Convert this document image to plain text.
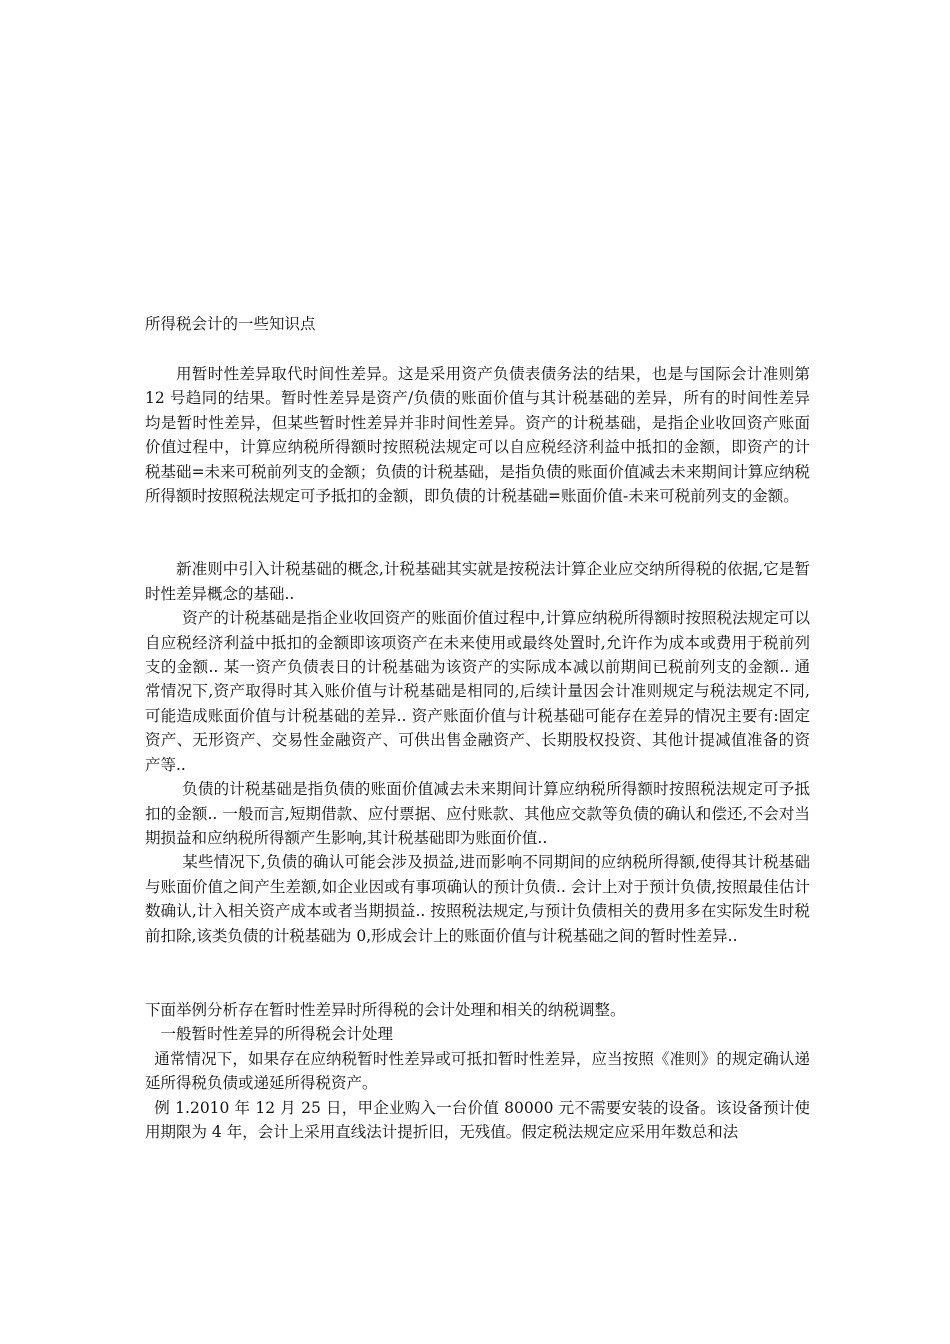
所得税会计的一些知识点

用暂时性差异取代时间性差异。这是采用资产负债表债务法的结果，也是与国际会计准则第 12 号趋同的结果。暂时性差异是资产/负债的账面价值与其计税基础的差异，所有的时间性差异均是暂时性差异，但某些暂时性差异并非时间性差异。资产的计税基础，是指企业收回资产账面价值过程中，计算应纳税所得额时按照税法规定可以自应税经济利益中抵扣的金额，即资产的计税基础=未来可税前列支的金额；负债的计税基础，是指负债的账面价值减去未来期间计算应纳税所得额时按照税法规定可予抵扣的金额，即负债的计税基础=账面价值-未来可税前列支的金额。

新准则中引入计税基础的概念,计税基础其实就是按税法计算企业应交纳所得税的依据,它是暂时性差异概念的基础..

资产的计税基础是指企业收回资产的账面价值过程中,计算应纳税所得额时按照税法规定可以自应税经济利益中抵扣的金额即该项资产在未来使用或最终处置时,允许作为成本或费用于税前列支的金额.. 某一资产负债表日的计税基础为该资产的实际成本减以前期间已税前列支的金额.. 通常情况下,资产取得时其入账价值与计税基础是相同的,后续计量因会计准则规定与税法规定不同,可能造成账面价值与计税基础的差异.. 资产账面价值与计税基础可能存在差异的情况主要有:固定资产、无形资产、交易性金融资产、可供出售金融资产、长期股权投资、其他计提减值准备的资产等..

负债的计税基础是指负债的账面价值减去未来期间计算应纳税所得额时按照税法规定可予抵扣的金额.. 一般而言,短期借款、应付票据、应付账款、其他应交款等负债的确认和偿还,不会对当期损益和应纳税所得额产生影响,其计税基础即为账面价值..

某些情况下,负债的确认可能会涉及损益,进而影响不同期间的应纳税所得额,使得其计税基础与账面价值之间产生差额,如企业因或有事项确认的预计负债.. 会计上对于预计负债,按照最佳估计数确认,计入相关资产成本或者当期损益.. 按照税法规定,与预计负债相关的费用多在实际发生时税前扣除,该类负债的计税基础为 0,形成会计上的账面价值与计税基础之间的暂时性差异..

下面举例分析存在暂时性差异时所得税的会计处理和相关的纳税调整。

一般暂时性差异的所得税会计处理

通常情况下，如果存在应纳税暂时性差异或可抵扣暂时性差异，应当按照《准则》的规定确认递延所得税负债或递延所得税资产。

例 1.2010 年 12 月 25 日，甲企业购入一台价值 80000 元不需要安装的设备。该设备预计使用期限为 4 年，会计上采用直线法计提折旧，无残值。假定税法规定应采用年数总和法
